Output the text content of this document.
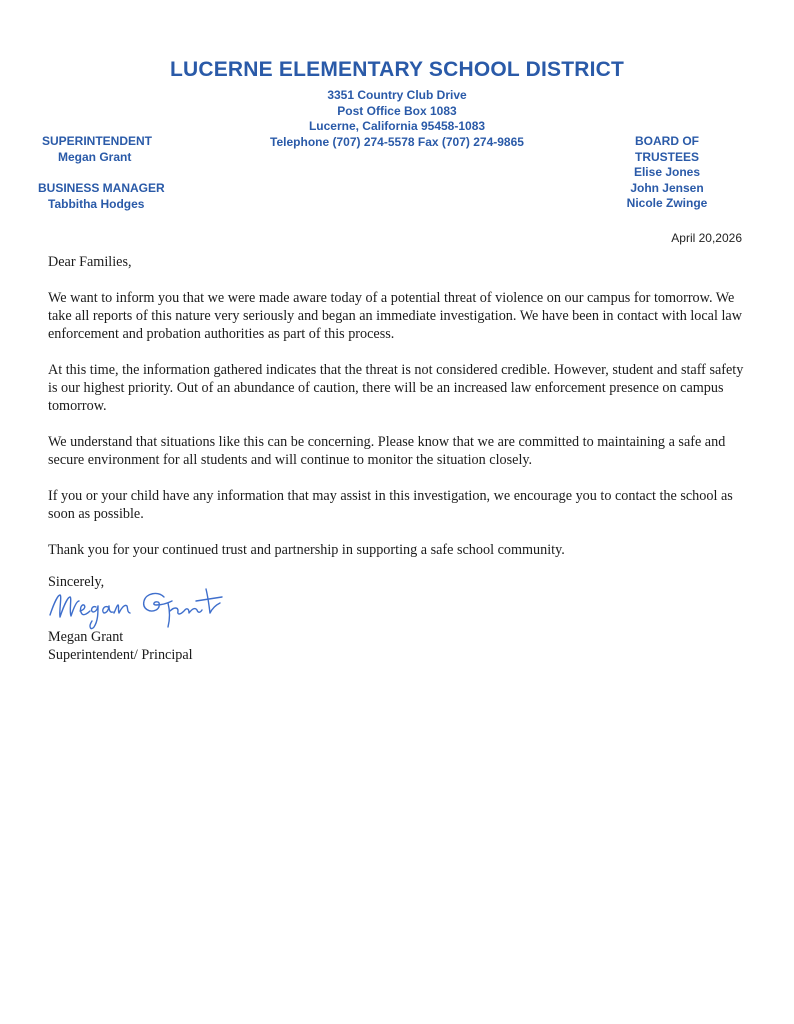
LUCERNE ELEMENTARY SCHOOL DISTRICT
3351 Country Club Drive
Post Office Box 1083
Lucerne, California 95458-1083
Telephone (707) 274-5578 Fax (707) 274-9865
SUPERINTENDENT
Megan Grant
BUSINESS MANAGER
Tabbitha Hodges
BOARD OF TRUSTEES
Elise Jones
John Jensen
Nicole Zwinge
April 20,2026

Dear Families,

We want to inform you that we were made aware today of a potential threat of violence on our campus for tomorrow. We take all reports of this nature very seriously and began an immediate investigation. We have been in contact with local law enforcement and probation authorities as part of this process.

At this time, the information gathered indicates that the threat is not considered credible. However, student and staff safety is our highest priority. Out of an abundance of caution, there will be an increased law enforcement presence on campus tomorrow.

We understand that situations like this can be concerning. Please know that we are committed to maintaining a safe and secure environment for all students and will continue to monitor the situation closely.

If you or your child have any information that may assist in this investigation, we encourage you to contact the school as soon as possible.

Thank you for your continued trust and partnership in supporting a safe school community.

Sincerely,
Megan Grant
Superintendent/ Principal
